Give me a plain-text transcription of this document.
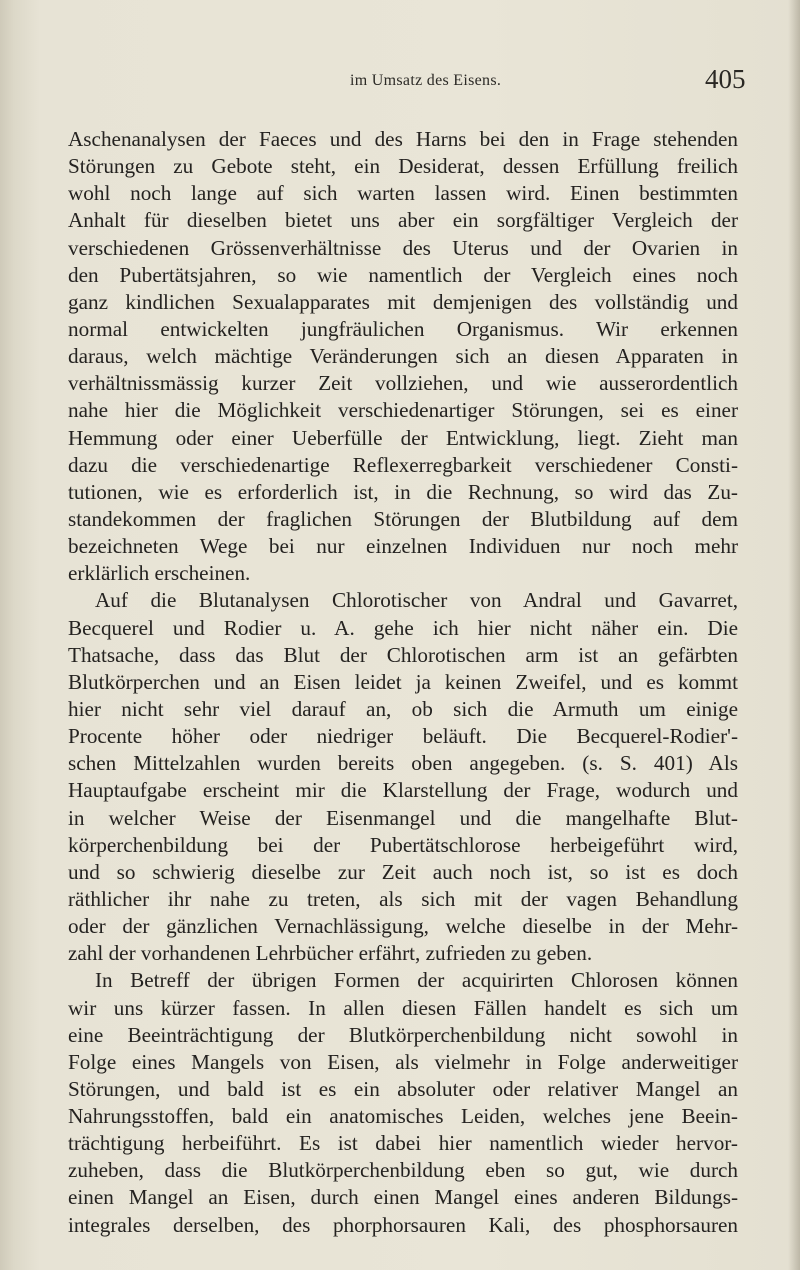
im Umsatz des Eisens.	405
Aschenanalysen der Faeces und des Harns bei den in Frage stehenden
Störungen zu Gebote steht, ein Desiderat, dessen Erfüllung freilich
wohl noch lange auf sich warten lassen wird. Einen bestimmten
Anhalt für dieselben bietet uns aber ein sorgfältiger Vergleich der
verschiedenen Grössenverhältnisse des Uterus und der Ovarien in
den Pubertätsjahren, so wie namentlich der Vergleich eines noch
ganz kindlichen Sexualapparates mit demjenigen des vollständig und
normal entwickelten jungfräulichen Organismus. Wir erkennen
daraus, welch mächtige Veränderungen sich an diesen Apparaten in
verhältnissmässig kurzer Zeit vollziehen, und wie ausserordentlich
nahe hier die Möglichkeit verschiedenartiger Störungen, sei es einer
Hemmung oder einer Ueberfülle der Entwicklung, liegt. Zieht man
dazu die verschiedenartige Reflexerregbarkeit verschiedener Consti-
tutionen, wie es erforderlich ist, in die Rechnung, so wird das Zu-
standekommen der fraglichen Störungen der Blutbildung auf dem
bezeichneten Wege bei nur einzelnen Individuen nur noch mehr
erklärlich erscheinen.
Auf die Blutanalysen Chlorotischer von Andral und Gavarret,
Becquerel und Rodier u. A. gehe ich hier nicht näher ein. Die
Thatsache, dass das Blut der Chlorotischen arm ist an gefärbten
Blutkörperchen und an Eisen leidet ja keinen Zweifel, und es kommt
hier nicht sehr viel darauf an, ob sich die Armuth um einige
Procente höher oder niedriger beläuft. Die Becquerel-Rodier'-
schen Mittelzahlen wurden bereits oben angegeben. (s. S. 401) Als
Hauptaufgabe erscheint mir die Klarstellung der Frage, wodurch und
in welcher Weise der Eisenmangel und die mangelhafte Blut-
körperchenbildung bei der Pubertätschlorose herbeigeführt wird,
und so schwierig dieselbe zur Zeit auch noch ist, so ist es doch
räthlicher ihr nahe zu treten, als sich mit der vagen Behandlung
oder der gänzlichen Vernachlässigung, welche dieselbe in der Mehr-
zahl der vorhandenen Lehrbücher erfährt, zufrieden zu geben.
In Betreff der übrigen Formen der acquirirten Chlorosen können
wir uns kürzer fassen. In allen diesen Fällen handelt es sich um
eine Beeinträchtigung der Blutkörperchenbildung nicht sowohl in
Folge eines Mangels von Eisen, als vielmehr in Folge anderweitiger
Störungen, und bald ist es ein absoluter oder relativer Mangel an
Nahrungsstoffen, bald ein anatomisches Leiden, welches jene Beein-
trächtigung herbeiführt. Es ist dabei hier namentlich wieder hervor-
zuheben, dass die Blutkörperchenbildung eben so gut, wie durch
einen Mangel an Eisen, durch einen Mangel eines anderen Bildungs-
integrales derselben, des phorphorsauren Kali, des phosphorsauren
